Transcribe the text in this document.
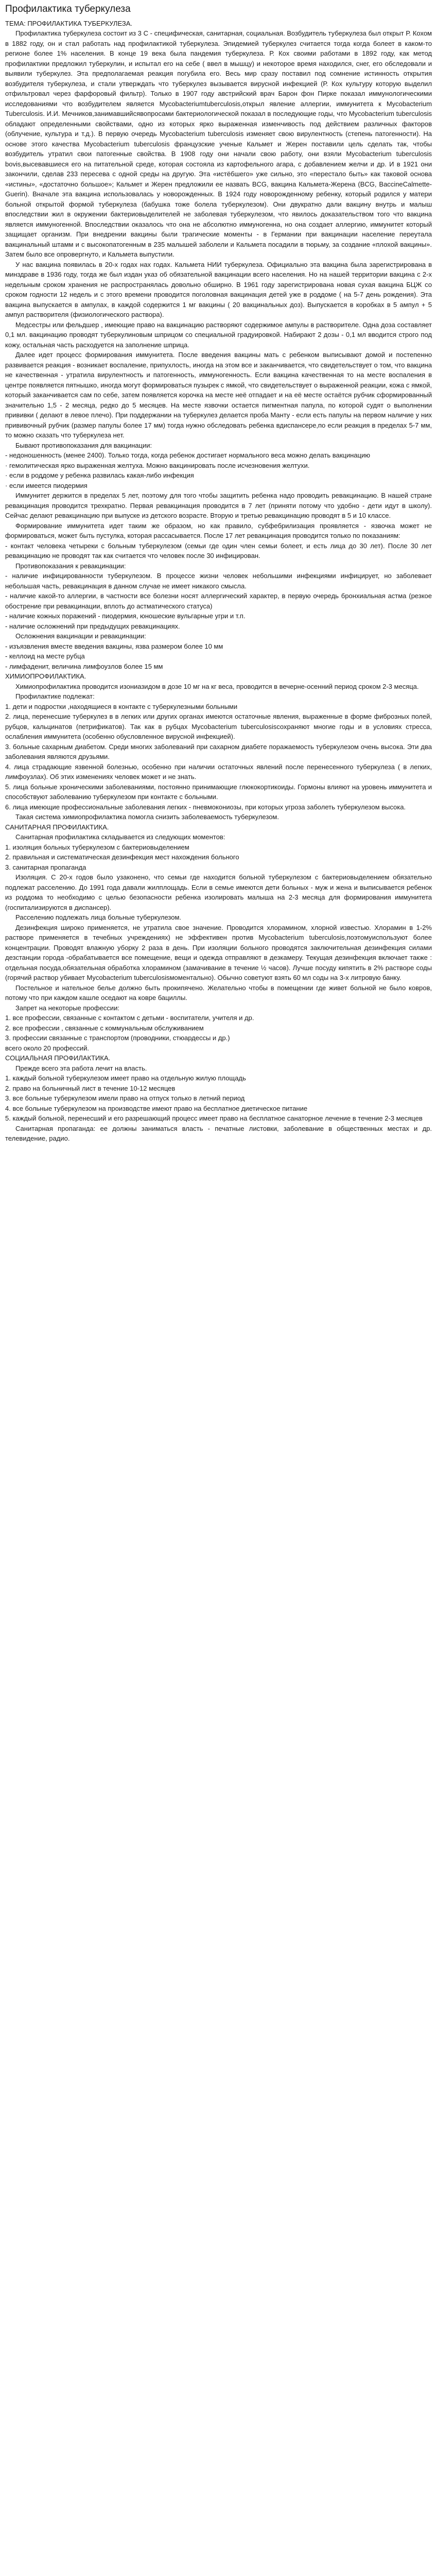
Профилактика туберкулеза

ТЕМА: ПРОФИЛАКТИКА ТУБЕРКУЛЕЗА.

Профилактика туберкулеза состоит из 3 С - специфическая, санитарная, социальная. Возбудитель туберкулеза был открыт Р. Кохом в 1882 году, он и стал работать над профилактикой туберкулеза. Эпидемией туберкулез считается тогда когда болеет в каком-то регионе более 1% населения. В конце 19 века была пандемия туберкулеза. Р. Кох своими работами в 1892 году, как метод профилактики предложил туберкулин, и испытал его на себе ( ввел в мышцу) и некоторое время находился, снег, его обследовали и выявили туберкулез. Эта предполагаемая реакция погубила его. Весь мир сразу поставил под сомнение истинность открытия возбудителя туберкулеза, и стали утверждать что туберкулез вызывается вирусной инфекцией (Р. Кох культуру которую выделил отфильтровал через фарфоровый фильтр). Только в 1907 году австрийский врач Барон фон Пирке показал иммунологическими исследованиями что возбудителем является Mycobacteriumtuberculosis,открыл явление аллергии, иммунитета к Mycobacterium Tuberculosis. И.И. Мечников,занимавшийсявопросами бактериологической показал в последующие годы, что Mycobacterium tuberculosis обладают определенными свойствами, одно из которых ярко выраженная изменчивость под действием различных факторов (облучение, культура и т.д.). В первую очередь Mycobacterium tuberculosis изменяет свою вирулентность (степень патогенности). На основе этого качества Mycobacterium tuberculosis французские ученые Кальмет и Жерен поставили цель сделать так, чтобы возбудитель утратил свои патогенные свойства. В 1908 году они начали свою работу, они взяли Mycobacterium tuberculosis bovis,высевавшиеся его на питательной среде, которая состояла из картофельного агара, с добавлением желчи и др. И в 1921 они закончили, сделав 233 пересева с одной среды на другую. Эта «истёбшего» уже сильно, это «перестало быть» как таковой основа «истины», «достаточно большое»; Кальмет и Жерен предложили ее назвать BCG, вакцина Кальмета-Жерена (BCG, ВаccineCalmette-Guerin). Вначале эта вакцина использовалась у новорожденных. В 1924 году новорожденному ребенку, который родился у матери больной открытой формой туберкулеза (бабушка тоже болела туберкулезом). Они двукратно дали вакцину внутрь и малыш впоследствии жил в окружении бактериовыделителей не заболевая туберкулезом, что явилось доказательством того что вакцина является иммуногенной. Впоследствии оказалось что она не абсолютно иммуногенна, но она создает аллергию, иммунитет который защищает организм. При внедрении вакцины были трагические моменты - в Германии при вакцинации население переутала вакцинальный штамм и с высокопатогенным в 235 малышей заболели и Кальмета посадили в тюрьму, за создание «плохой вакцины». Затем было все опровергнуто, и Кальмета выпустили.

У нас вакцина появилась в 20-х годах нах годах. Кальмета НИИ туберкулеза. Официально эта вакцина была зарегистрирована в минздраве в 1936 году, тогда же был издан указ об обязательной вакцинации всего населения. Но на нашей территории вакцина с 2-х недельным сроком хранения не распространялась довольно обширно. В 1961 году зарегистрирована новая сухая вакцина БЦЖ со сроком годности 12 недель и с этого времени проводится поголовная вакцинация детей уже в роддоме ( на 5-7 день рождения). Эта вакцина выпускается в ампулах, в каждой содержится 1 мг вакцины ( 20 вакцинальных доз). Выпускается в коробках в 5 ампул + 5 ампул растворителя (физиологического раствора).

Медсестры или фельдшер , имеющие право на вакцинацию растворяют содержимое ампулы в растворителе. Одна доза составляет 0,1 мл. вакцинацию проводят туберкулиновым шприцом со специальной градуировкой. Набирают 2 дозы - 0,1 мл вводится строго под кожу, остальная часть расходуется на заполнение шприца.

Далее идет процесс формирования иммунитета. После введения вакцины мать с ребенком выписывают домой и постепенно развивается реакция - возникает воспаление, припухлость, иногда на этом все и заканчивается, что свидетельствует о том, что вакцина не качественная - утратила вирулентность и патогенность, иммуногенность. Если вакцина качественная то на месте воспаления в центре появляется пятнышко, иногда могут формироваться пузырек с ямкой, что свидетельствует о выраженной реакции, кожа с ямкой, который заканчивается сам по себе, затем появляется корочка на месте неё отпадает и на её месте остаётся рубчик сформированный значительно 1,5 - 2 месяца, редко до 5 месяцев. На месте язвочки остается пигментная папула, по которой судят о выполнении прививки ( делают в левое плечо). При поддержании на туберкулез делается проба Манту - если есть папулы на первом наличие у них прививочный рубчик (размер папулы более 17 мм) тогда нужно обследовать ребенка вдиспансере,по если реакция в пределах 5-7 мм, то можно сказать что туберкулеза нет.

Бывают противопоказания для вакцинации:

- недоношенность (менее 2400). Только тогда, когда ребенок достигает нормального веса можно делать вакцинацию

· гемолитическая ярко выраженная желтуха. Можно вакцинировать после исчезновения желтухи.

· если в роддоме у ребенка развилась какая-либо инфекция

· если имеется пиодермия

Иммунитет держится в пределах 5 лет, поэтому для того чтобы защитить ребенка надо проводить ревакцинацию. В нашей стране ревакцинация проводится трехкратно. Первая ревакцинация проводится в 7 лет (приняти потому что удобно - дети идут в школу). Сейчас делают ревакцинацию при выпуске из детского возрасте. Вторую и третью ревакцинацию проводят в 5 и 10 классе.

Формирование иммунитета идет таким же образом, но как правило, субфебрилизация проявляется - язвочка может не формироваться, может быть пустулка, которая рассасывается. После 17 лет ревакцинация проводится только по показаниям:

- контакт человека четыреки с больным туберкулезом (семьи где один член семьи болеет, и есть лица до 30 лет). После 30 лет ревакцинацию не проводят так как считается что человек после 30 инфицирован.

Противопоказания к ревакцинации:

- наличие инфицированности туберкулезом. В процессе жизни человек небольшими инфекциями инфицирует, но заболевает небольшая часть, ревакцинация в данном случае не имеет никакого смысла.

- наличие какой-то аллергии, в частности все болезни носят аллергический характер, в первую очередь бронхиальная астма (резкое обострение при ревакцинации, вплоть до астматического статуса)

- наличие кожных поражений - пиодермия, юношеские вульгарные угри и т.п.

- наличие осложнений при предыдущих ревакцинациях.

Осложнения вакцинации и ревакцинации:

- изъязвления вместе введения вакцины, язва размером более 10 мм

- келлоид на месте рубца

- лимфаденит, величина лимфоузлов более 15 мм

ХИМИОПРОФИЛАКТИКА.

Химиопрофилактика проводится изониазидом в дозе 10 мг на кг веса, проводится в вечерне-осенний период сроком 2-3 месяца.

Профилактике подлежат:

1. дети и подростки ,находящиеся в контакте с туберкулезными больными

2. лица, перенесшие туберкулез в в легких или других органах имеются остаточные явления, выраженные в форме фиброзных полей, рубцов, кальцинатов (петрификатов). Так как в рубцах Mycobacterium tuberculosisсохраняют многие годы и в условиях стресса, ослабления иммунитета (особенно обусловленное вирусной инфекцией).

3. больные сахарным диабетом. Среди многих заболеваний при сахарном диабете поражаемость туберкулезом очень высока. Эти два заболевания являются друзьями.

4. лица страдающие язвенной болезнью, особенно при наличии остаточных явлений после перенесенного туберкулеза ( в легких, лимфоузлах). Об этих изменениях человек может и не знать.

5. лица больные хроническими заболеваниями, постоянно принимающие глюкокортикоиды. Гормоны влияют на уровень иммунитета и способствуют заболеванию туберкулезом при контакте с больными.

6. лица имеющие профессиональные заболевания легких - пневмокониозы, при которых угроза заболеть туберкулезом высока.

Такая система химиопрофилактика помогла снизить заболеваемость туберкулезом.

САНИТАРНАЯ ПРОФИЛАКТИКА.

Санитарная профилактика складывается из следующих моментов:

1. изоляция больных туберкулезом с бактериовыделением

2. правильная и систематическая дезинфекция мест нахождения больного

3. санитарная пропаганда

Изоляция. С 20-х годов было узаконено, что семьи где находится больной туберкулезом с бактериовыделением обязательно подлежат расселению. До 1991 года давали жилплощадь. Если в семье имеются дети больных - муж и жена и выписывается ребенок из роддома то необходимо с целью безопасности ребенка изолировать малыша на 2-3 месяца для формирования иммунитета (госпитализируются в диспансер).

Расселению подлежать лица больные туберкулезом.

Дезинфекция широко применяется, не утратила свое значение. Проводится хлорамином, хлорной известью. Хлорамин в 1-2% растворе применяется в течебных учреждениях) не эффективен против Mycobacterium tuberculosis,поэтомуиспользуют более концентрации. Проводят влажную уборку 2 раза в день. При изоляции больного проводятся заключительная дезинфекция силами дезстанции города -обрабатывается все помещение, вещи и одежда отправляют в дезкамеру. Текущая дезинфекция включает также : отдельная посуда,обязательная обработка хлорамином (замачивание в течение ½ часов). Лучше посуду кипятить в 2% растворе соды (горячий раствор убивает Mycobacterium tuberculosisмоментально). Обычно советуют взять 60 мл соды на 3-х литровую банку.

Постельное и нательное белье должно быть прокипячено. Желательно чтобы в помещении где живет больной не было ковров, потому что при каждом кашле оседают на ковре бациллы.

Запрет на некоторые профессии:

1. все профессии, связанные с контактом с детьми - воспитатели, учителя и др.

2. все профессии , связанные с коммунальным обслуживанием

3. профессии связанные с транспортом (проводники, стюардессы и др.)

всего около 20 профессий.

СОЦИАЛЬНАЯ ПРОФИЛАКТИКА.

Прежде всего эта работа лечит на власть.

1. каждый больной туберкулезом имеет право на отдельную жилую площадь

2. право на больничный лист в течение 10-12 месяцев

3. все больные туберкулезом имели право на отпуск только в летний период

4. все больные туберкулезом на производстве имеют право на бесплатное диетическое питание

5. каждый больной, перенесший и его разрешающий процесс имеет право на бесплатное санаторное лечение в течение 2-3 месяцев

Санитарная пропаганда: ее должны заниматься власть - печатные листовки, заболевание в общественных местах и др. телевидение, радио.
